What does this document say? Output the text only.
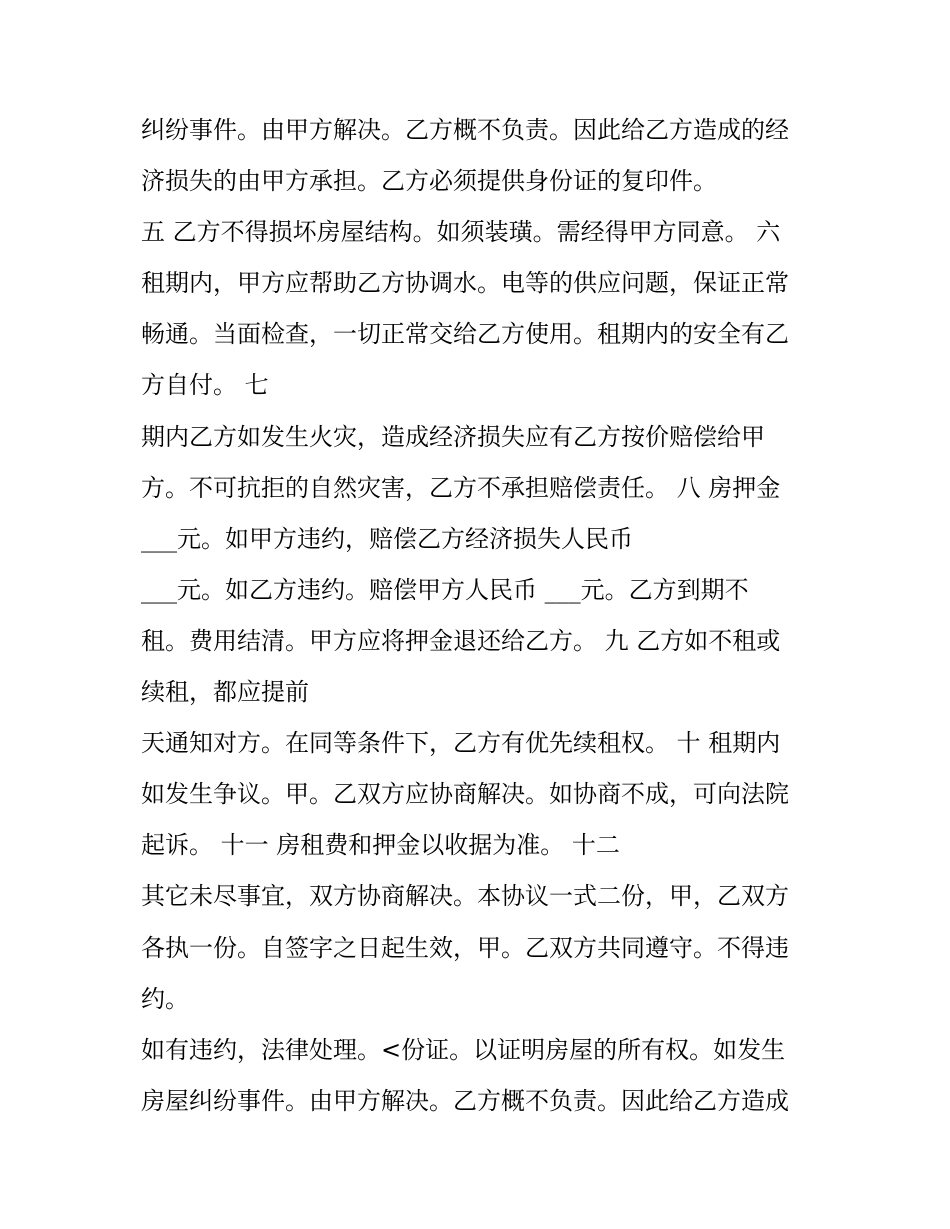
纠纷事件。由甲方解决。乙方概不负责。因此给乙方造成的经
济损失的由甲方承担。乙方必须提供身份证的复印件。
五 乙方不得损坏房屋结构。如须装璜。需经得甲方同意。 六
租期内，甲方应帮助乙方协调水。电等的供应问题，保证正常
畅通。当面检查，一切正常交给乙方使用。租期内的安全有乙
方自付。 七
期内乙方如发生火灾，造成经济损失应有乙方按价赔偿给甲
方。不可抗拒的自然灾害，乙方不承担赔偿责任。 八 房押金
___元。如甲方违约，赔偿乙方经济损失人民币
___元。如乙方违约。赔偿甲方人民币 ___元。乙方到期不
租。费用结清。甲方应将押金退还给乙方。 九 乙方如不租或
续租，都应提前
天通知对方。在同等条件下，乙方有优先续租权。 十 租期内
如发生争议。甲。乙双方应协商解决。如协商不成，可向法院
起诉。 十一 房租费和押金以收据为准。 十二
其它未尽事宜，双方协商解决。本协议一式二份，甲，乙双方
各执一份。自签字之日起生效，甲。乙双方共同遵守。不得违
约。
如有违约，法律处理。<份证。以证明房屋的所有权。如发生
房屋纠纷事件。由甲方解决。乙方概不负责。因此给乙方造成
